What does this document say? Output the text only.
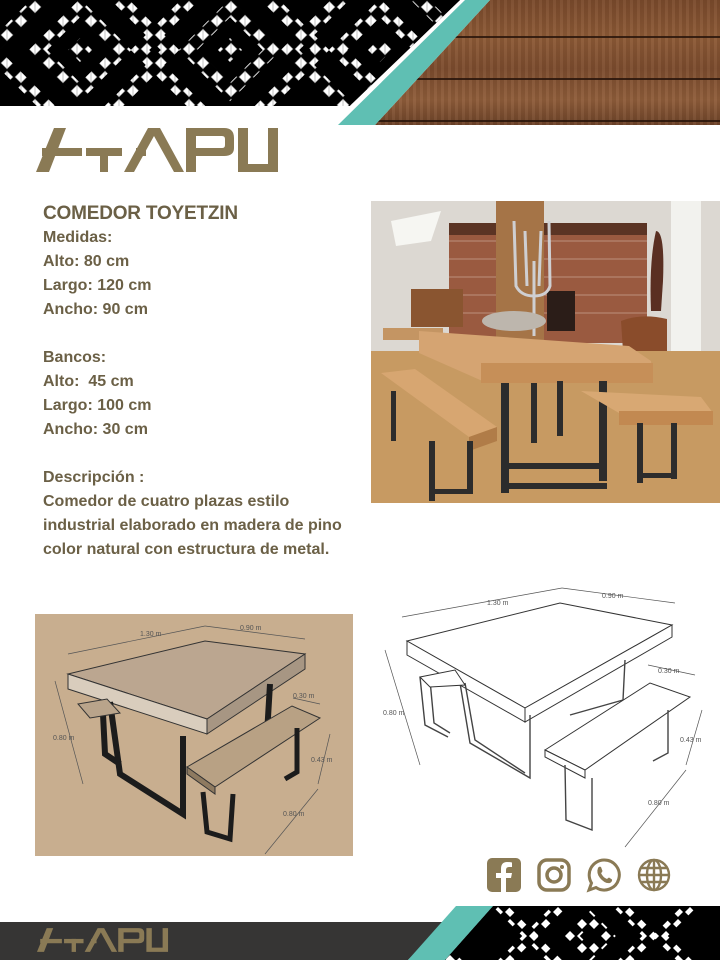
COMEDOR TOYETZIN
Medidas:
Alto: 80 cm
Largo: 120 cm
Ancho: 90 cm
Bancos:
Alto:  45 cm
Largo: 100 cm
Ancho: 30 cm
Descripción :
Comedor de cuatro plazas estilo industrial elaborado en madera de pino color natural con estructura de metal.
1.30 m
0.90 m
0.80 m
0.30 m
0.43 m
0.80 m
1.30 m
0.90 m
0.80 m
0.30 m
0.43 m
0.80 m
